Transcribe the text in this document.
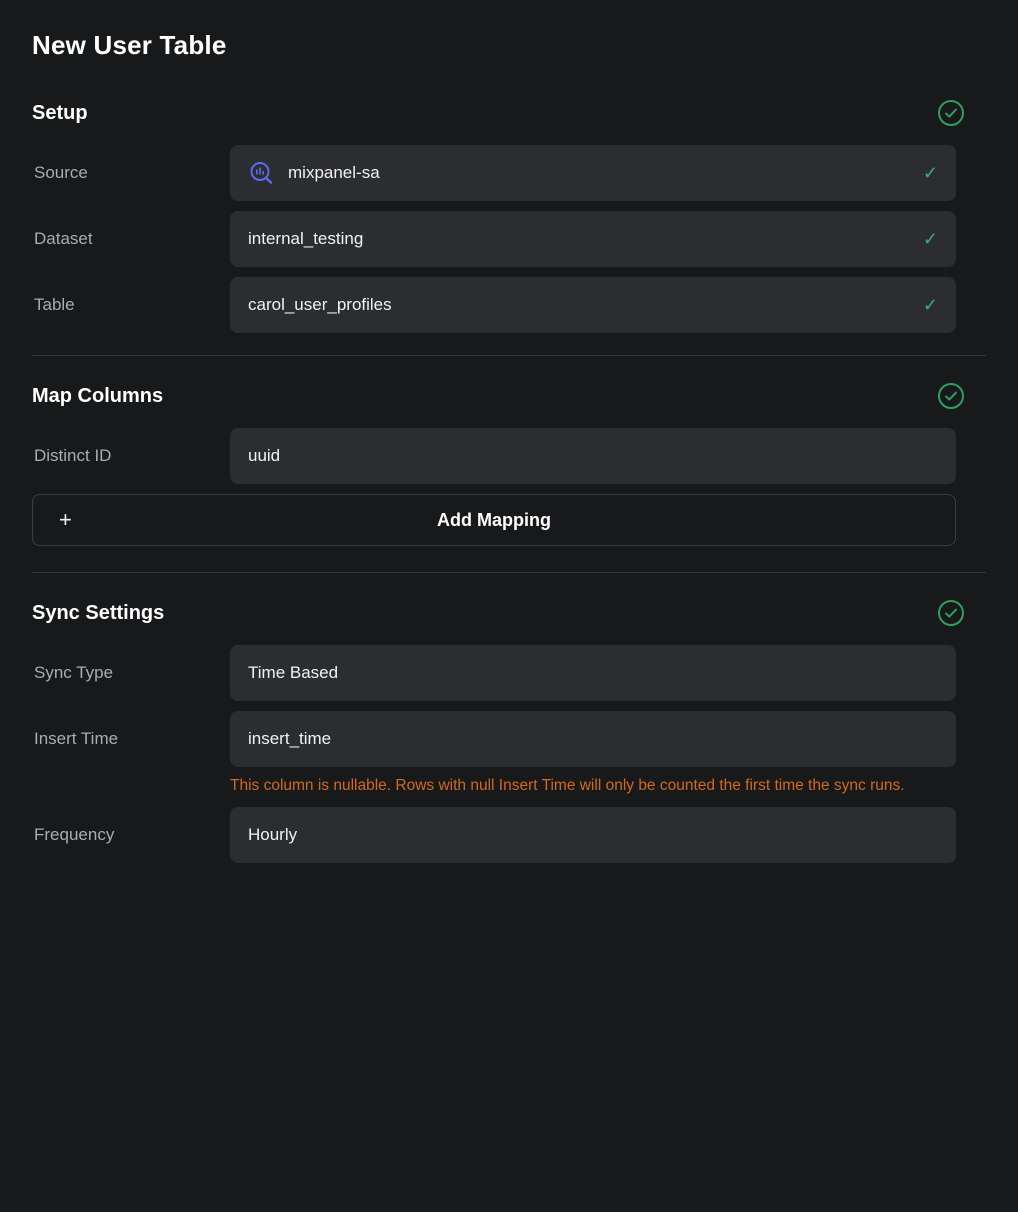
New User Table
Setup
Source	mixpanel-sa	✓
Dataset	internal_testing	✓
Table	carol_user_profiles	✓
Map Columns
Distinct ID	uuid
+	Add Mapping
Sync Settings
Sync Type	Time Based
Insert Time	insert_time
This column is nullable. Rows with null Insert Time will only be counted the first time the sync runs.
Frequency	Hourly
